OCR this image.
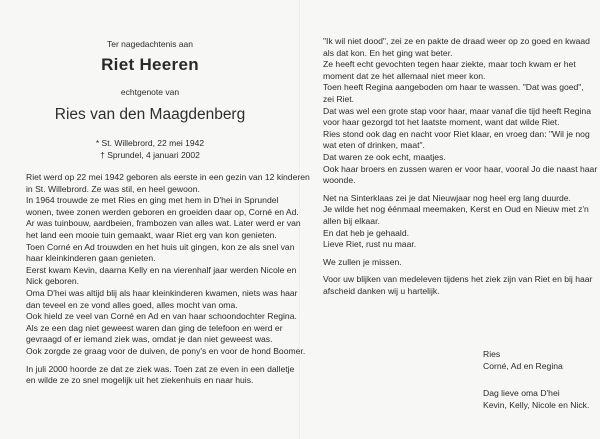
Ter nagedachtenis aan
Riet Heeren
echtgenote van
Ries van den Maagdenberg
* St. Willebrord, 22 mei 1942
† Sprundel, 4 januari 2002
Riet werd op 22 mei 1942 geboren als eerste in een gezin van 12 kinderen
in St. Willebrord. Ze was stil, en heel gewoon.
In 1964 trouwde ze met Ries en ging met hem in D'hei in Sprundel
wonen, twee zonen werden geboren en groeiden daar op, Corné en Ad.
Ar was tuinbouw, aardbeien, frambozen van alles wat. Later werd er van
het land een mooie tuin gemaakt, waar Riet erg van kon genieten.
Toen Corné en Ad trouwden en het huis uit gingen, kon ze als snel van
haar kleinkinderen gaan genieten.
Eerst kwam Kevin, daarna Kelly en na vierenhalf jaar werden Nicole en
Nick geboren.
Oma D'hei was altijd blij als haar kleinkinderen kwamen, niets was haar
dan teveel en ze vond alles goed, alles mocht van oma.
Ook hield ze veel van Corné en Ad en van haar schoondochter Regina.
Als ze een dag niet geweest waren dan ging de telefoon en werd er
gevraagd of er iemand ziek was, omdat je dan niet geweest was.
Ook zorgde ze graag voor de duiven, de pony's en voor de hond Boomer.
In juli 2000 hoorde ze dat ze ziek was. Toen zat ze even in een dalletje
en wilde ze zo snel mogelijk uit het ziekenhuis en naar huis.
"Ik wil niet dood", zei ze en pakte de draad weer op zo goed en kwaad
als dat kon. En het ging wat beter.
Ze heeft echt gevochten tegen haar ziekte, maar toch kwam er het
moment dat ze het allemaal niet meer kon.
Toen heeft Regina aangeboden om haar te wassen. "Dat was goed",
zei Riet.
Dat was wel een grote stap voor haar, maar vanaf die tijd heeft Regina
voor haar gezorgd tot het laatste moment, want dat wilde Riet.
Ries stond ook dag en nacht voor Riet klaar, en vroeg dan: "Wil je nog
wat eten of drinken, maat".
Dat waren ze ook echt, maatjes.
Ook haar broers en zussen waren er voor haar, vooral Jo die naast haar
woonde.
Net na Sinterklaas zei je dat Nieuwjaar nog heel erg lang duurde.
Je wilde het nog éénmaal meemaken, Kerst en Oud en Nieuw met z'n
allen bij elkaar.
En dat heb je gehaald.
Lieve Riet, rust nu maar.
We zullen je missen.
Voor uw blijken van medeleven tijdens het ziek zijn van Riet en bij haar
afscheid danken wij u hartelijk.
Ries
Corné, Ad en Regina
Dag lieve oma D'hei
Kevin, Kelly, Nicole en Nick.
